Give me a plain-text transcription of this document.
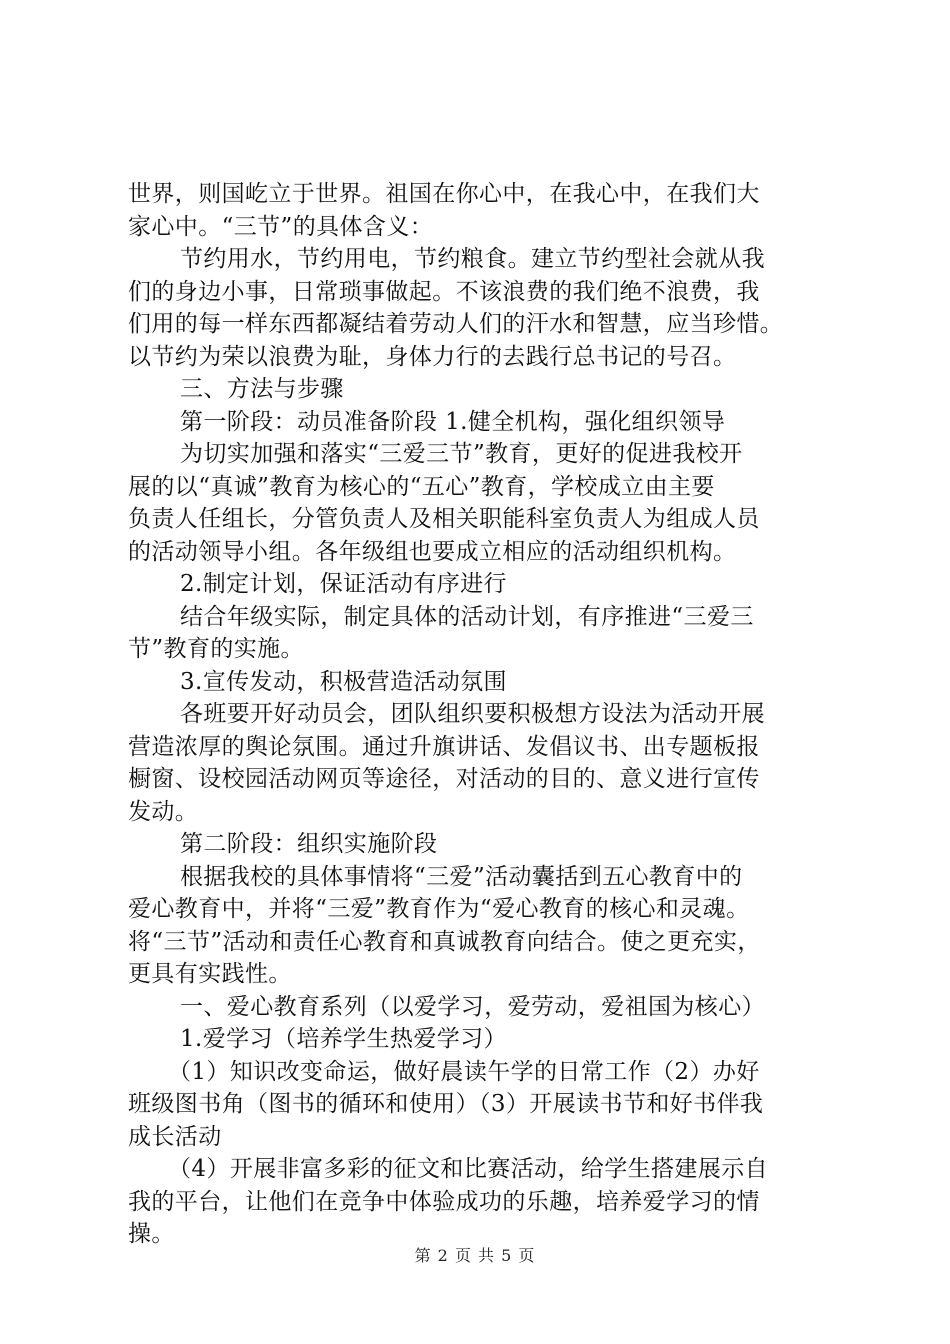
世界，则国屹立于世界。祖国在你心中，在我心中，在我们大
家心中。“三节”的具体含义：
节约用水，节约用电，节约粮食。建立节约型社会就从我
们的身边小事，日常琐事做起。不该浪费的我们绝不浪费，我
们用的每一样东西都凝结着劳动人们的汗水和智慧，应当珍惜。
以节约为荣以浪费为耻，身体力行的去践行总书记的号召。
三、方法与步骤
第一阶段：动员准备阶段 1.健全机构，强化组织领导
为切实加强和落实“三爱三节”教育，更好的促进我校开
展的以“真诚”教育为核心的“五心”教育，学校成立由主要
负责人任组长，分管负责人及相关职能科室负责人为组成人员
的活动领导小组。各年级组也要成立相应的活动组织机构。
2.制定计划，保证活动有序进行
结合年级实际，制定具体的活动计划，有序推进“三爱三
节”教育的实施。
3.宣传发动，积极营造活动氛围
各班要开好动员会，团队组织要积极想方设法为活动开展
营造浓厚的舆论氛围。通过升旗讲话、发倡议书、出专题板报
橱窗、设校园活动网页等途径，对活动的目的、意义进行宣传
发动。
第二阶段：组织实施阶段
根据我校的具体事情将“三爱”活动囊括到五心教育中的
爱心教育中，并将“三爱”教育作为“爱心教育的核心和灵魂。
将“三节”活动和责任心教育和真诚教育向结合。使之更充实，
更具有实践性。
一、爱心教育系列（以爱学习，爱劳动，爱祖国为核心）
1.爱学习（培养学生热爱学习）
（1）知识改变命运，做好晨读午学的日常工作（2）办好
班级图书角（图书的循环和使用）（3）开展读书节和好书伴我
成长活动
（4）开展非富多彩的征文和比赛活动，给学生搭建展示自
我的平台，让他们在竞争中体验成功的乐趣，培养爱学习的情
操。
第 2 页 共 5 页
